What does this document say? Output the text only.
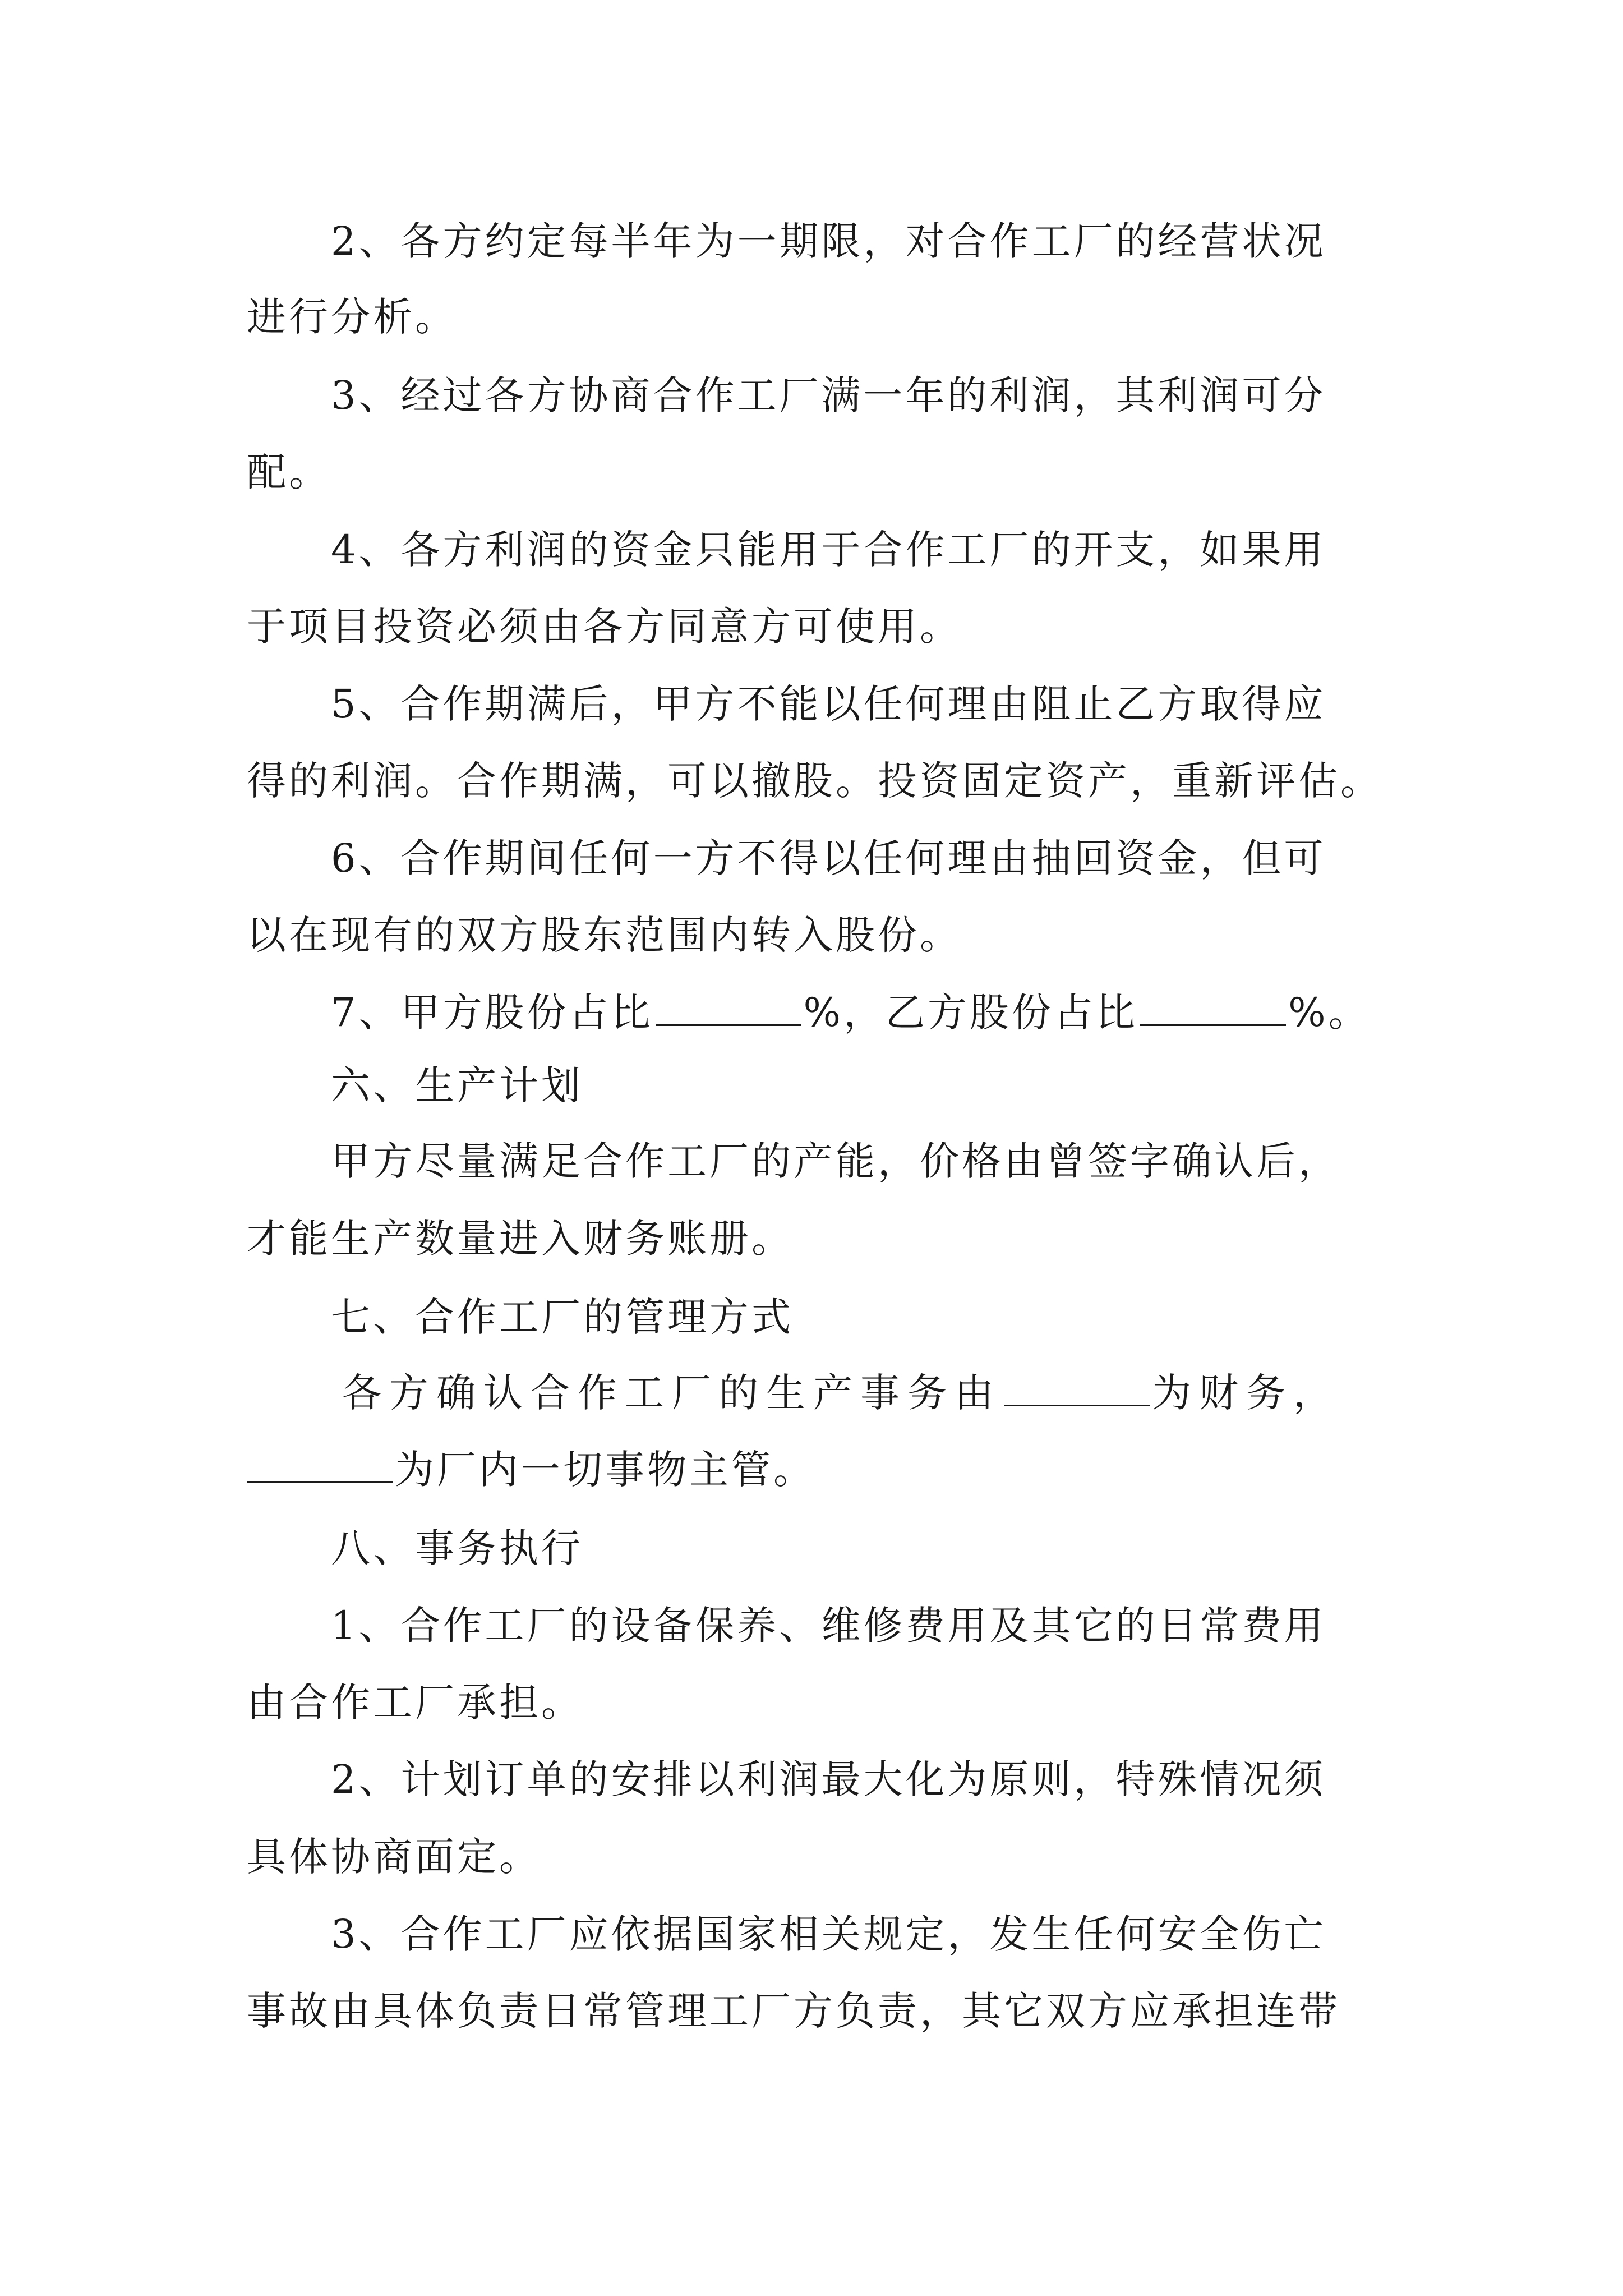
2、各方约定每半年为一期限，对合作工厂的经营状况
进行分析。
3、经过各方协商合作工厂满一年的利润，其利润可分
配。
4、各方利润的资金只能用于合作工厂的开支，如果用
于项目投资必须由各方同意方可使用。
5、合作期满后，甲方不能以任何理由阻止乙方取得应
得的利润。合作期满，可以撤股。投资固定资产，重新评估。
6、合作期间任何一方不得以任何理由抽回资金，但可
以在现有的双方股东范围内转入股份。
7、甲方股份占比	%，乙方股份占比	%。
六、生产计划
甲方尽量满足合作工厂的产能，价格由曾签字确认后，
才能生产数量进入财务账册。
七、合作工厂的管理方式
各方确认合作工厂的生产事务由	为财务，
为厂内一切事物主管。
八、事务执行
1、合作工厂的设备保养、维修费用及其它的日常费用
由合作工厂承担。
2、计划订单的安排以利润最大化为原则，特殊情况须
具体协商面定。
3、合作工厂应依据国家相关规定，发生任何安全伤亡
事故由具体负责日常管理工厂方负责，其它双方应承担连带
